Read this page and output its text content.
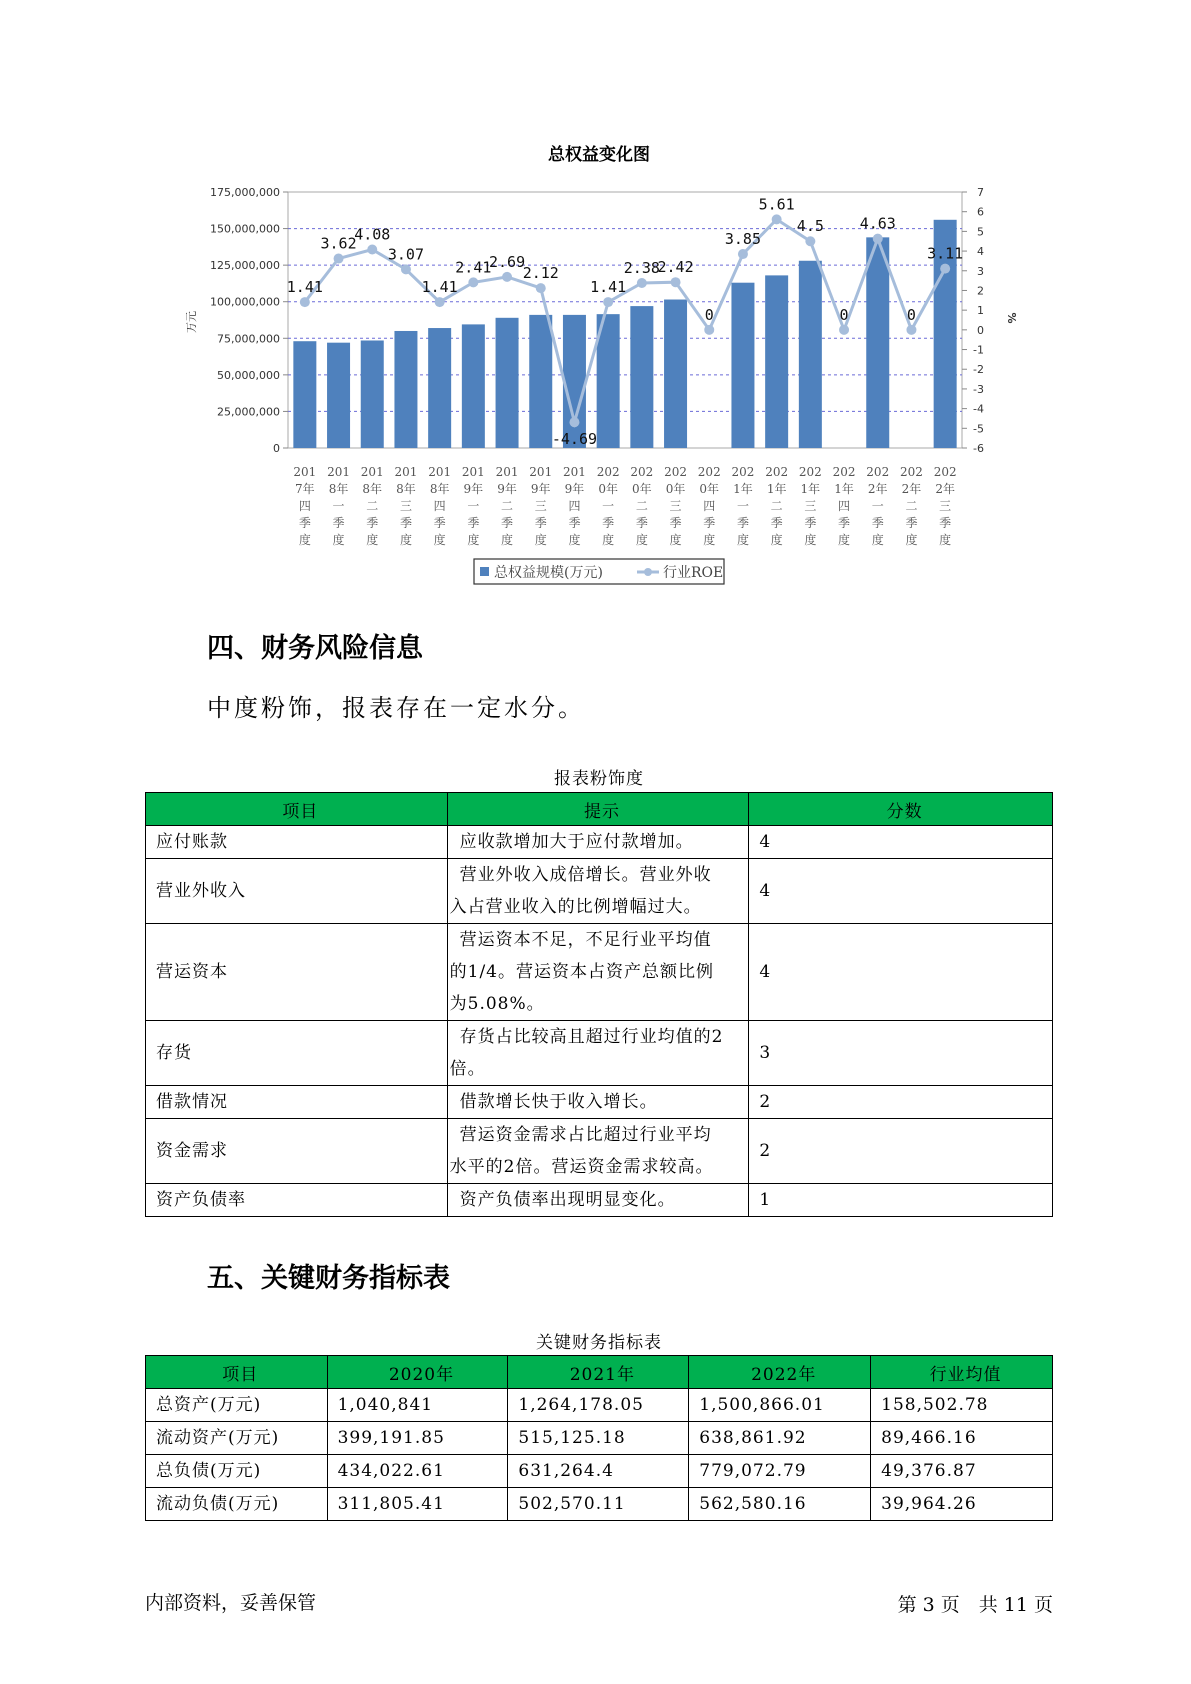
总权益变化图
175,000,000
150,000,000
125,000,000
100,000,000
75,000,000
50,000,000
25,000,000
0
7
6
5
4
3
2
1
0
-1
-2
-3
-4
-5
-6
万元	%
1.41
3.62
4.08
3.07
1.41
2.41
2.69
2.12
-4.69
1.41
2.38
2.42
0
3.85
5.61
4.5
0
4.63
0
3.11
201
7年
四
季
度
201
8年
一
季
度
201
8年
二
季
度
201
8年
三
季
度
201
8年
四
季
度
201
9年
一
季
度
201
9年
二
季
度
201
9年
三
季
度
201
9年
四
季
度
202
0年
一
季
度
202
0年
二
季
度
202
0年
三
季
度
202
0年
四
季
度
202
1年
一
季
度
202
1年
二
季
度
202
1年
三
季
度
202
1年
四
季
度
202
2年
一
季
度
202
2年
二
季
度
202
2年
三
季
度
总权益规模(万元)	行业ROE
四、财务风险信息

中度粉饰，报表存在一定水分。

报表粉饰度
项目	提示	分数
应付账款	应收款增加大于应付款增加。	4
营业外收入	营业外收入成倍增长。营业外收
入占营业收入的比例增幅过大。	4
营运资本	营运资本不足，不足行业平均值
的1/4。营运资本占资产总额比例
为5.08%。	4
存货	存货占比较高且超过行业均值的2
倍。	3
借款情况	借款增长快于收入增长。	2
资金需求	营运资金需求占比超过行业平均
水平的2倍。营运资金需求较高。	2
资产负债率	资产负债率出现明显变化。	1
五、关键财务指标表
关键财务指标表
项目	2020年	2021年	2022年	行业均值
总资产(万元)	1,040,841	1,264,178.05	1,500,866.01	158,502.78
流动资产(万元)	399,191.85	515,125.18	638,861.92	89,466.16
总负债(万元)	434,022.61	631,264.4	779,072.79	49,376.87
流动负债(万元)	311,805.41	502,570.11	562,580.16	39,964.26
内部资料，妥善保管	第 3 页　共 11 页
